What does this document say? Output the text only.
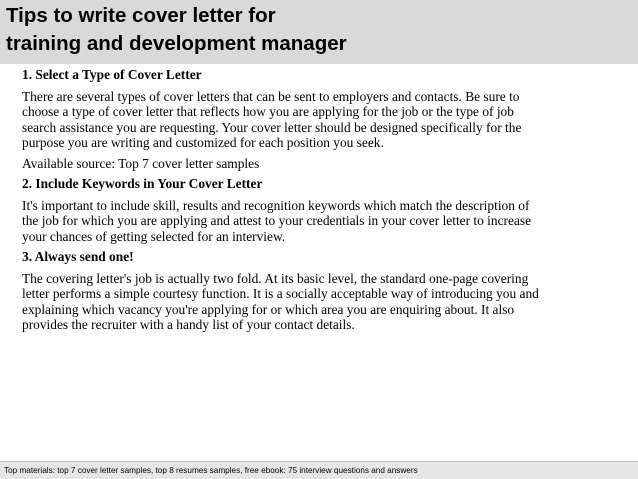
Tips to write cover letter for
training and development manager
1. Select a Type of Cover Letter
There are several types of cover letters that can be sent to employers and contacts. Be sure to
choose a type of cover letter that reflects how you are applying for the job or the type of job
search assistance you are requesting. Your cover letter should be designed specifically for the
purpose you are writing and customized for each position you seek.
Available source: Top 7 cover letter samples
2. Include Keywords in Your Cover Letter
It's important to include skill, results and recognition keywords which match the description of
the job for which you are applying and attest to your credentials in your cover letter to increase
your chances of getting selected for an interview.
3. Always send one!
The covering letter's job is actually two fold. At its basic level, the standard one-page covering
letter performs a simple courtesy function. It is a socially acceptable way of introducing you and
explaining which vacancy you're applying for or which area you are enquiring about. It also
provides the recruiter with a handy list of your contact details.
Top materials: top 7 cover letter samples, top 8 resumes samples, free ebook: 75 interview questions and answers
